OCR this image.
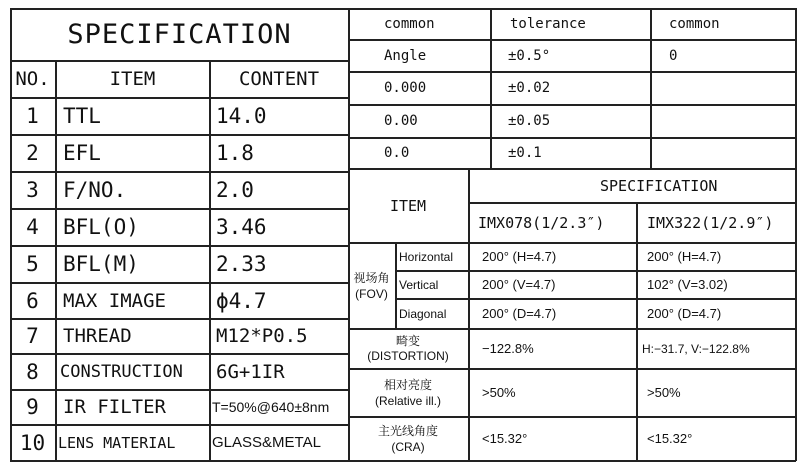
SPECIFICATION
NO.	ITEM	CONTENT
1	TTL	14.0
2	EFL	1.8
3	F/NO.	2.0
4	BFL(O)	3.46
5	BFL(M)	2.33
6	MAX IMAGE	ϕ4.7
7	THREAD	M12*P0.5
8	CONSTRUCTION	6G+1IR
9	IR FILTER	T=50%@640±8nm
10 LENS MATERIAL	GLASS&METAL
common	tolerance	common
Angle	±0.5°	0
0.000	±0.02
0.00	±0.05
0.0	±0.1
ITEM
SPECIFICATION
IMX078(1/2.3″)	IMX322(1/2.9″)
视场角
(FOV)
Horizontal	200° (H=4.7)	200° (H=4.7)
Vertical	200° (V=4.7)	102° (V=3.02)
Diagonal	200° (D=4.7)	200° (D=4.7)
畸变
(DISTORTION)	−122.8%	H:−31.7, V:−122.8%
相对亮度
(Relative ill.)
>50%	>50%
主光线角度
(CRA)
<15.32°	<15.32°
